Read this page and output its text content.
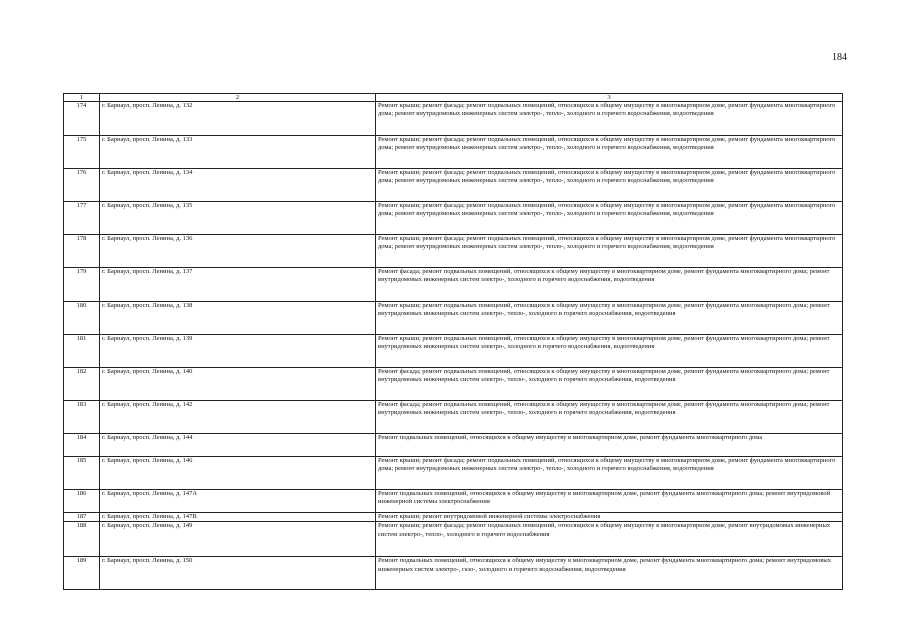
184
1	2	3
174	г. Барнаул, просп. Ленина, д. 132	Ремонт крыши; ремонт фасада; ремонт подвальных помещений, относящихся к общему имуществу в многоквартирном доме, ремонт фундамента многоквартирного дома; ремонт внутридомовых инженерных систем электро-, тепло-, холодного и горячего водоснабжения, водоотведения
175	г. Барнаул, просп. Ленина, д. 133	Ремонт крыши; ремонт фасада; ремонт подвальных помещений, относящихся к общему имуществу в многоквартирном доме, ремонт фундамента многоквартирного дома; ремонт внутридомовых инженерных систем электро-, тепло-, холодного и горячего водоснабжения, водоотведения
176	г. Барнаул, просп. Ленина, д. 134	Ремонт крыши; ремонт фасада; ремонт подвальных помещений, относящихся к общему имуществу в многоквартирном доме, ремонт фундамента многоквартирного дома; ремонт внутридомовых инженерных систем электро-, тепло-, холодного и горячего водоснабжения, водоотведения
177	г. Барнаул, просп. Ленина, д. 135	Ремонт крыши; ремонт фасада; ремонт подвальных помещений, относящихся к общему имуществу в многоквартирном доме, ремонт фундамента многоквартирного дома; ремонт внутридомовых инженерных систем электро-, тепло-, холодного и горячего водоснабжения, водоотведения
178	г. Барнаул, просп. Ленина, д. 136	Ремонт крыши; ремонт фасада; ремонт подвальных помещений, относящихся к общему имуществу в многоквартирном доме, ремонт фундамента многоквартирного дома; ремонт внутридомовых инженерных систем электро-, тепло-, холодного и горячего водоснабжения, водоотведения
179	г. Барнаул, просп. Ленина, д. 137	Ремонт фасада; ремонт подвальных помещений, относящихся к общему имуществу в многоквартирном доме, ремонт фундамента многоквартирного дома; ремонт внутридомовых инженерных систем электро-, холодного и горячего водоснабжения, водоотведения
180	г. Барнаул, просп. Ленина, д. 138	Ремонт крыши; ремонт подвальных помещений, относящихся к общему имуществу в многоквартирном доме, ремонт фундамента многоквартирного дома; ремонт внутридомовых инженерных систем электро-, тепло-, холодного и горячего водоснабжения, водоотведения
181	г. Барнаул, просп. Ленина, д. 139	Ремонт крыши; ремонт подвальных помещений, относящихся к общему имуществу в многоквартирном доме, ремонт фундамента многоквартирного дома; ремонт внутридомовых инженерных систем электро-, холодного и горячего водоснабжения, водоотведения
182	г. Барнаул, просп. Ленина, д. 140	Ремонт фасада; ремонт подвальных помещений, относящихся к общему имуществу в многоквартирном доме, ремонт фундамента многоквартирного дома; ремонт внутридомовых инженерных систем электро-, тепло-, холодного и горячего водоснабжения, водоотведения
183	г. Барнаул, просп. Ленина, д. 142	Ремонт фасада; ремонт подвальных помещений, относящихся к общему имуществу в многоквартирном доме, ремонт фундамента многоквартирного дома; ремонт внутридомовых инженерных систем электро-, тепло-, холодного и горячего водоснабжения, водоотведения
184	г. Барнаул, просп. Ленина, д. 144	Ремонт подвальных помещений, относящихся к общему имуществу в многоквартирном доме, ремонт фундамента многоквартирного дома
185	г. Барнаул, просп. Ленина, д. 146	Ремонт крыши; ремонт фасада; ремонт подвальных помещений, относящихся к общему имуществу в многоквартирном доме, ремонт фундамента многоквартирного дома; ремонт внутридомовых инженерных систем электро-, тепло-, холодного и горячего водоснабжения, водоотведения
186	г. Барнаул, просп. Ленина, д. 147А	Ремонт подвальных помещений, относящихся к общему имуществу в многоквартирном доме, ремонт фундамента многоквартирного дома; ремонт внутридомовой инженерной системы электроснабжения
187	г. Барнаул, просп. Ленина, д. 147В	Ремонт крыши; ремонт внутридомовой инженерной системы электроснабжения
188	г. Барнаул, просп. Ленина, д. 149	Ремонт крыши; ремонт фасада; ремонт подвальных помещений, относящихся к общему имуществу в многоквартирном доме, ремонт внутридомовых инженерных систем электро-, тепло-, холодного и горячего водоснабжения
189	г. Барнаул, просп. Ленина, д. 150	Ремонт подвальных помещений, относящихся к общему имуществу в многоквартирном доме, ремонт фундамента многоквартирного дома; ремонт внутридомовых инженерных систем электро-, газо-, холодного и горячего водоснабжения, водоотведения
